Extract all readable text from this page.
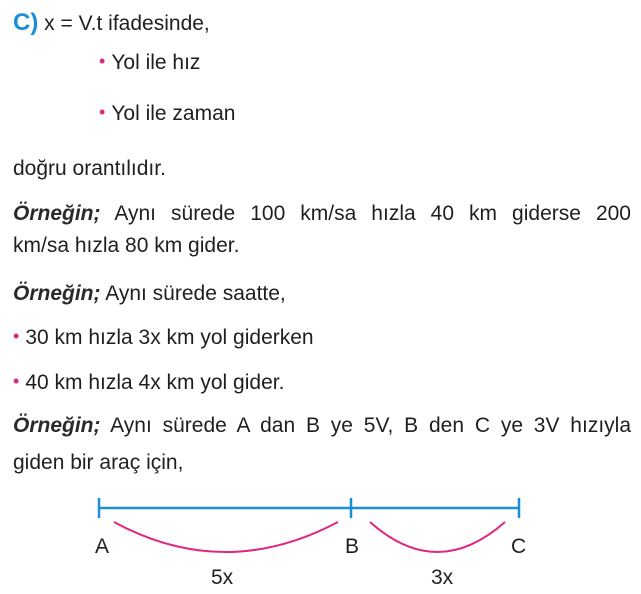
C) x = V.t ifadesinde,
• Yol ile hız
• Yol ile zaman
doğru orantılıdır.
Örneğin; Aynı sürede 100 km/sa hızla 40 km giderse 200
km/sa hızla 80 km gider.
Örneğin; Aynı sürede saatte,
• 30 km hızla 3x km yol giderken
• 40 km hızla 4x km yol gider.
Örneğin; Aynı sürede A dan B ye 5V, B den C ye 3V hızıyla
giden bir araç için,
A	B	C
5x	3x
